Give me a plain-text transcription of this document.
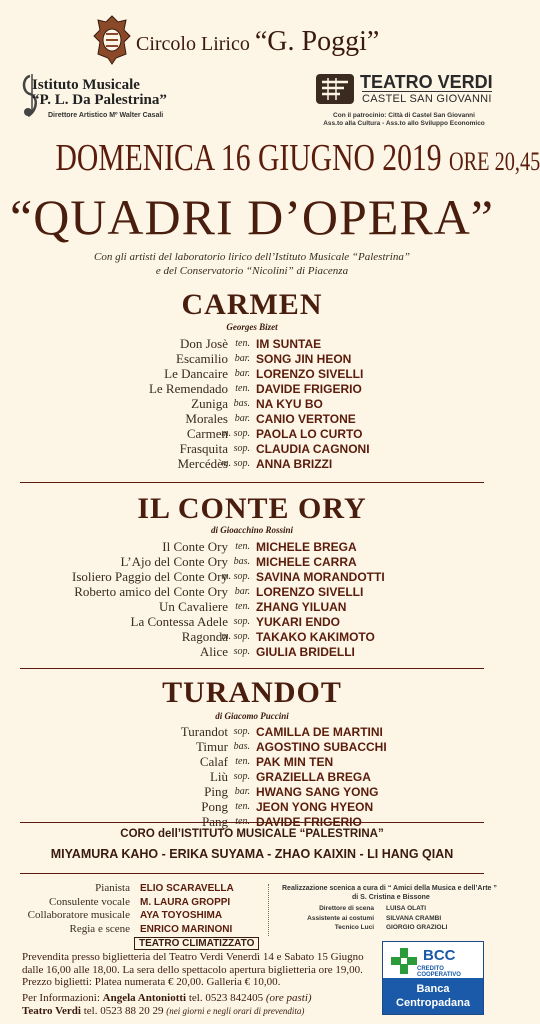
Circolo Lirico “G. Poggi”
Istituto Musicale
“P. L. Da Palestrina”
Direttore Artistico Mº Walter Casali
TEATRO VERDI
CASTEL SAN GIOVANNI
Con il patrocinio: Città di Castel San Giovanni
Ass.to alla Cultura - Ass.to allo Sviluppo Economico
DOMENICA 16 GIUGNO 2019 ORE 20,45
“QUADRI D’OPERA”
Con gli artisti del laboratorio lirico dell’Istituto Musicale “Palestrina”
e del Conservatorio “Nicolini” di Piacenza
CARMEN
Georges Bizet
Don Josè ten. IM SUNTAE
Escamilio bar. SONG JIN HEON
Le Dancaire bar. LORENZO SIVELLI
Le Remendado ten. DAVIDE FRIGERIO
Zuniga bas. NA KYU BO
Morales bar. CANIO VERTONE
Carmen
m. sop. PAOLA LO CURTO
Frasquita sop. CLAUDIA CAGNONI
Mercédès
m. sop. ANNA BRIZZI
IL CONTE ORY
di Gioacchino Rossini
Il Conte Ory ten. MICHELE BREGA
L’Ajo del Conte Ory bas. MICHELE CARRA
Isoliero Paggio del Conte Ory
m. sop. SAVINA MORANDOTTI
Roberto amico del Conte Ory bar. LORENZO SIVELLI
Un Cavaliere ten. ZHANG YILUAN
La Contessa Adele sop. YUKARI ENDO
Ragonda
m. sop. TAKAKO KAKIMOTO
Alice sop. GIULIA BRIDELLI
TURANDOT
di Giacomo Puccini
Turandot sop. CAMILLA DE MARTINI
Timur bas. AGOSTINO SUBACCHI
Calaf ten. PAK MIN TEN
Liù sop. GRAZIELLA BREGA
Ping bar. HWANG SANG YONG
Pong ten. JEON YONG HYEON
Pang ten. DAVIDE FRIGERIO
CORO dell’ISTITUTO MUSICALE “PALESTRINA”
MIYAMURA KAHO - ERIKA SUYAMA - ZHAO KAIXIN - LI HANG QIAN
Pianista ELIO SCARAVELLA
Consulente vocale M. LAURA GROPPI
Collaboratore musicale AYA TOYOSHIMA
Regia e scene ENRICO MARINONI
Realizzazione scenica a cura di “ Amici della Musica e dell’Arte ”
di S. Cristina e Bissone
Direttore di scena LUISA OLATI
Assistente ai costumi SILVANA CRAMBI
Tecnico Luci GIORGIO GRAZIOLI
TEATRO CLIMATIZZATO
Prevendita presso biglietteria del Teatro Verdi Venerdì 14 e Sabato 15 Giugno dalle 16,00 alle 18,00. La sera dello spettacolo apertura biglietteria ore 19,00. Prezzo biglietti: Platea numerata € 20,00. Galleria € 10,00.
Per Informazioni: Angela Antoniotti tel. 0523 842405 (ore pasti)
Teatro Verdi tel. 0523 88 20 29 (nei giorni e negli orari di prevendita)
BCC
CREDITO COOPERATIVO
Banca
Centropadana
